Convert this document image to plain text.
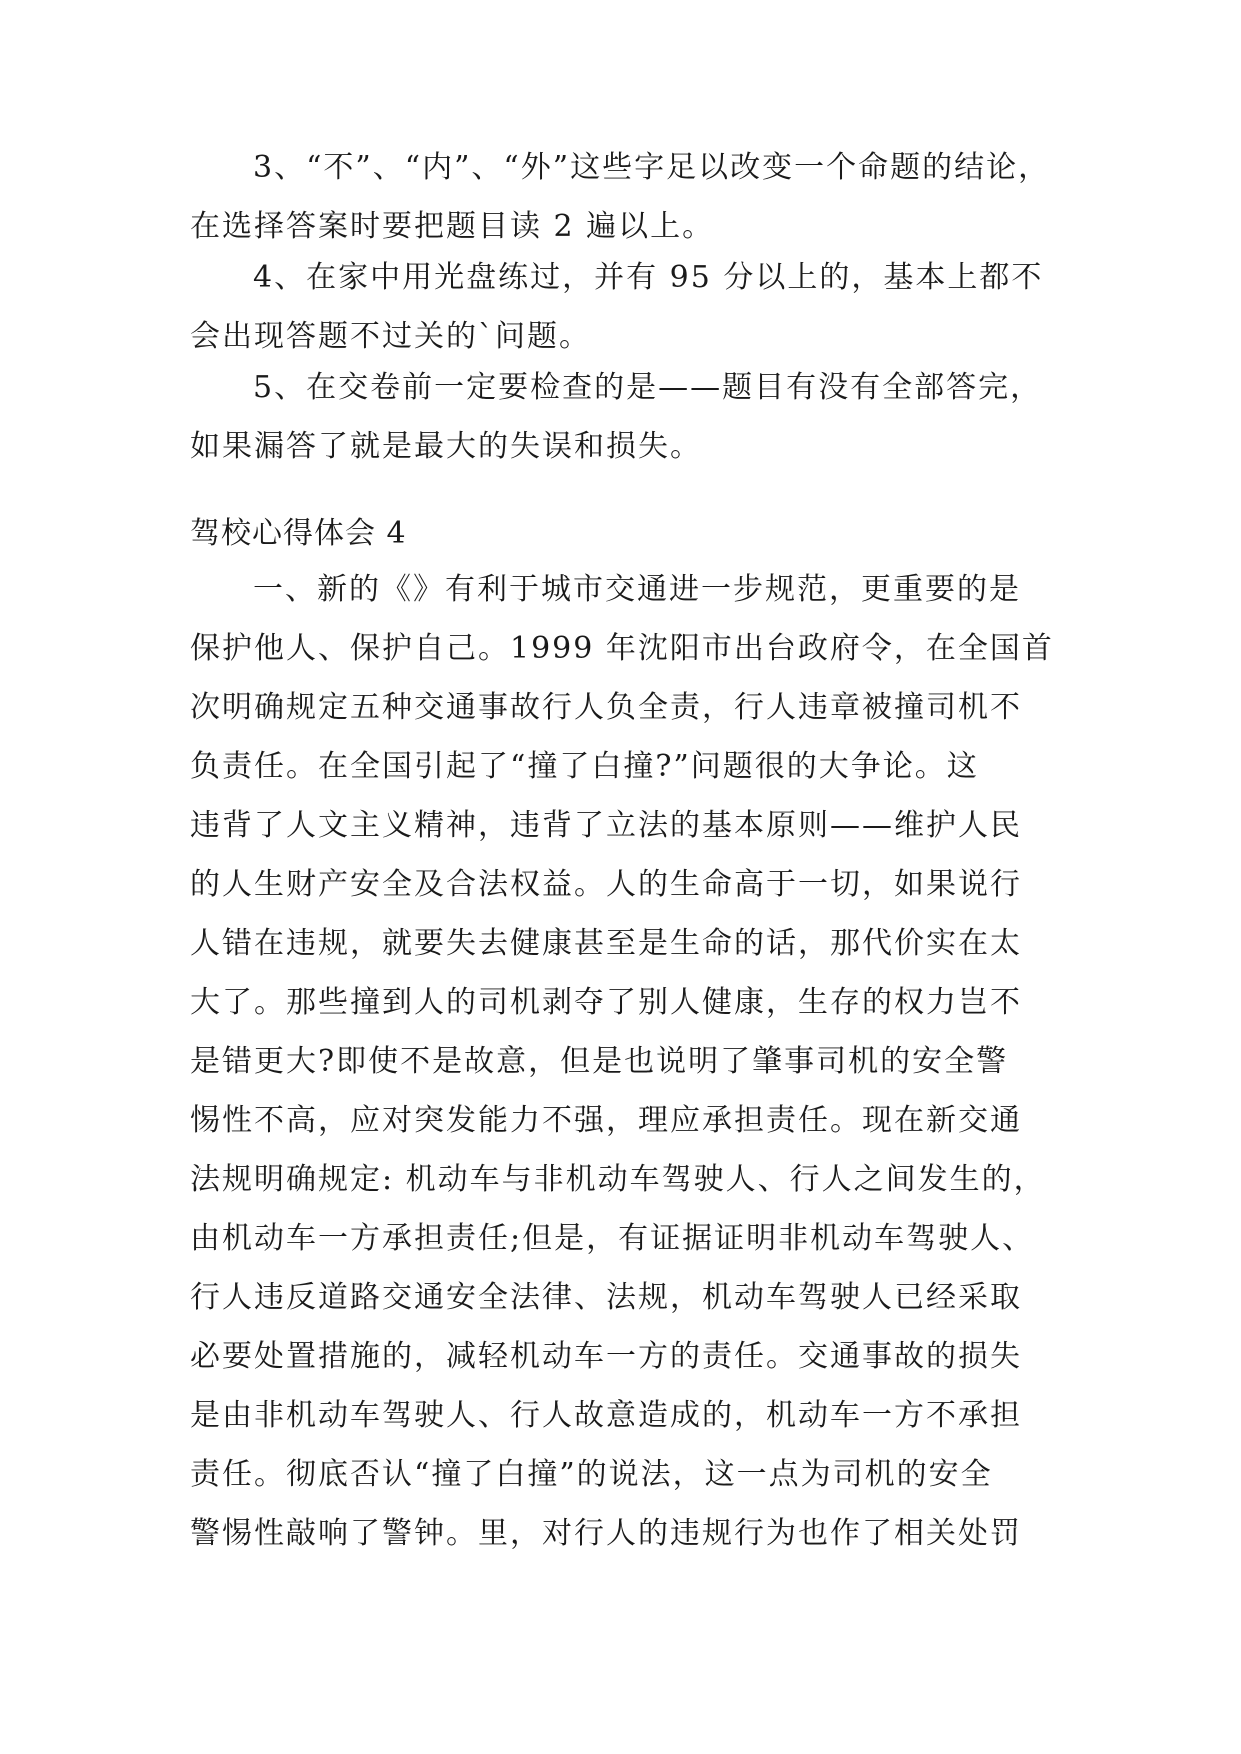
3、“不”、“内”、“外”这些字足以改变一个命题的结论，
在选择答案时要把题目读 2 遍以上。
4、在家中用光盘练过，并有 95 分以上的，基本上都不
会出现答题不过关的`问题。
5、在交卷前一定要检查的是——题目有没有全部答完，
如果漏答了就是最大的失误和损失。
驾校心得体会 4
一、新的《》有利于城市交通进一步规范，更重要的是
保护他人、保护自己。1999 年沈阳市出台政府令，在全国首
次明确规定五种交通事故行人负全责，行人违章被撞司机不
负责任。在全国引起了“撞了白撞?”问题很的大争论。这
违背了人文主义精神，违背了立法的基本原则——维护人民
的人生财产安全及合法权益。人的生命高于一切，如果说行
人错在违规，就要失去健康甚至是生命的话，那代价实在太
大了。那些撞到人的司机剥夺了别人健康，生存的权力岂不
是错更大?即使不是故意，但是也说明了肇事司机的安全警
惕性不高，应对突发能力不强，理应承担责任。现在新交通
法规明确规定: 机动车与非机动车驾驶人、行人之间发生的，
由机动车一方承担责任;但是，有证据证明非机动车驾驶人、
行人违反道路交通安全法律、法规，机动车驾驶人已经采取
必要处置措施的，减轻机动车一方的责任。交通事故的损失
是由非机动车驾驶人、行人故意造成的，机动车一方不承担
责任。彻底否认“撞了白撞”的说法，这一点为司机的安全
警惕性敲响了警钟。里，对行人的违规行为也作了相关处罚
